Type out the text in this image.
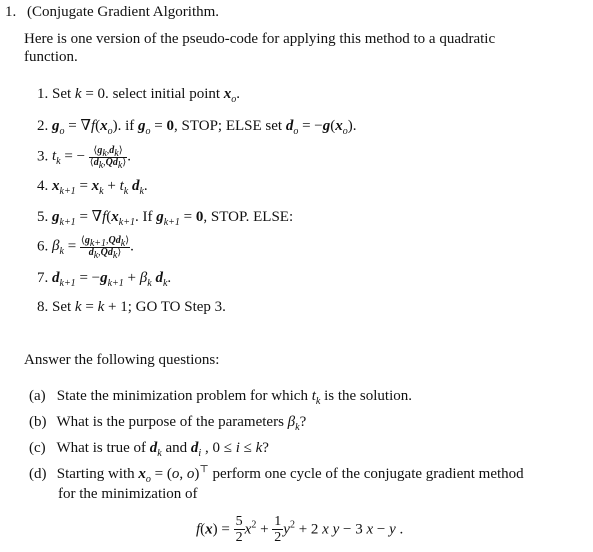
1. (Conjugate Gradient Algorithm.
Here is one version of the pseudo-code for applying this method to a quadratic
function.
1. Set k = 0. select initial point $x_o$.
2. $g_o = \nabla f(x_o)$. if $g_o = 0$, STOP; ELSE set $d_o = -g(x_o)$.
3. $t_k$ = − $\frac{⟨g_k,d_k⟩}{⟨d_k,Qd_k⟩}$ .
4. $x_{k+1} = x_k + t_k$ $d_k$.
5. $g_{k+1} = \nabla f(x_{k+1}$. If $g_{k+1} = 0$, STOP. ELSE:
6. $\beta_k = \frac{⟨g_{k+1},Qd_k⟩}{d_k,Qd_k⟩}$ .
7. $d_{k+1} = -g_{k+1} + \beta_k$ $d_k$.
8. Set k = k + 1; GO TO Step 3.
Answer the following questions:
(a) State the minimization problem for which $t_k$ is the solution.
(b) What is the purpose of the parameters $\beta_k$?
(c) What is true of $d_k$ and $d_i$ , 0 ≤ i ≤ k?
(d) Starting with $x_o = (o$, o)⊤ perform one cycle of the conjugate gradient method
for the minimization of
$f(x) = \frac{5}{2} x^2 + \frac{1}{2} y^2 + 2$ x y − 3 x − y .
